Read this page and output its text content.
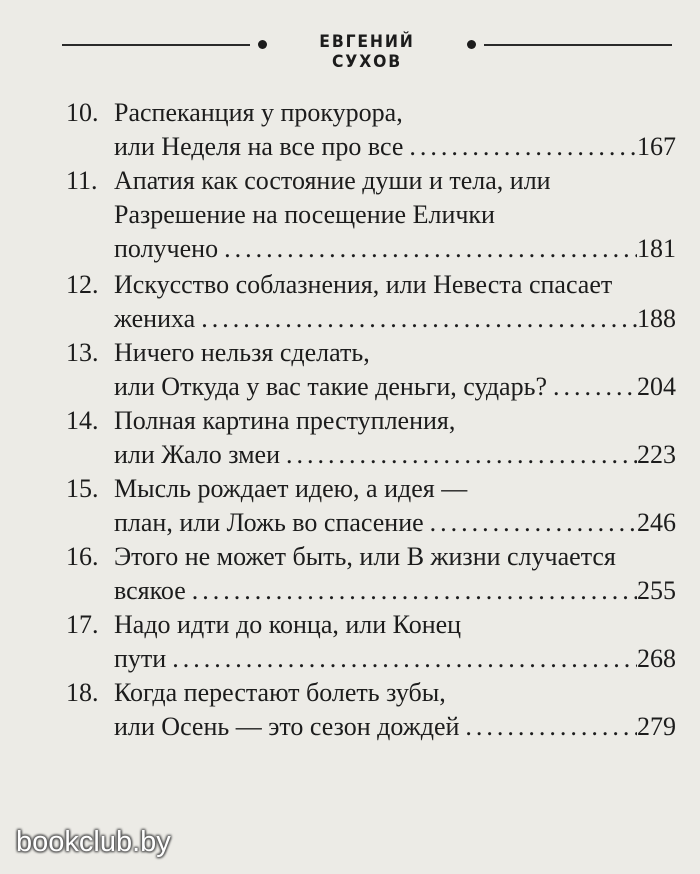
ЕВГЕНИЙ СУХОВ
10. Распеканция у прокурора,
или Неделя на все про все .....	167
11. Апатия как состояние души и тела, или
Разрешение на посещение Елички
получено .....	181
12. Искусство соблазнения, или Невеста спасает
жениха .....	188
13. Ничего нельзя сделать,
или Откуда у вас такие деньги, сударь? .....	204
14. Полная картина преступления,
или Жало змеи .....	223
15. Мысль рождает идею, а идея —
план, или Ложь во спасение .....	246
16. Этого не может быть, или В жизни случается
всякое .....	255
17. Надо идти до конца, или Конец
пути .....	268
18. Когда перестают болеть зубы,
или Осень — это сезон дождей .....	279
bookclub.by
